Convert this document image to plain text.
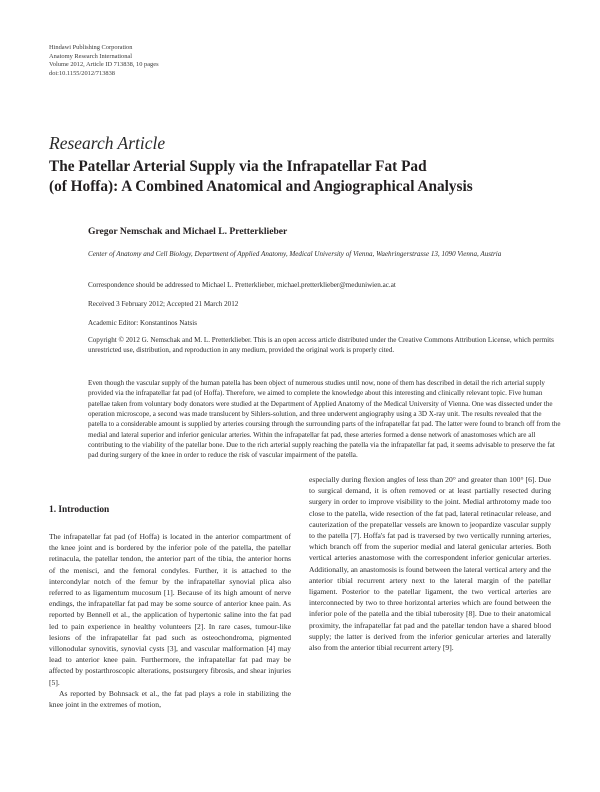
Hindawi Publishing Corporation
Anatomy Research International
Volume 2012, Article ID 713838, 10 pages
doi:10.1155/2012/713838
Research Article
The Patellar Arterial Supply via the Infrapatellar Fat Pad
(of Hoffa): A Combined Anatomical and Angiographical Analysis
Gregor Nemschak and Michael L. Pretterklieber
Center of Anatomy and Cell Biology, Department of Applied Anatomy, Medical University of Vienna, Waehringerstrasse 13, 1090 Vienna, Austria
Correspondence should be addressed to Michael L. Pretterklieber, michael.pretterklieber@meduniwien.ac.at
Received 3 February 2012; Accepted 21 March 2012
Academic Editor: Konstantinos Natsis
Copyright © 2012 G. Nemschak and M. L. Pretterklieber. This is an open access article distributed under the Creative Commons Attribution License, which permits unrestricted use, distribution, and reproduction in any medium, provided the original work is properly cited.
Even though the vascular supply of the human patella has been object of numerous studies until now, none of them has described in detail the rich arterial supply provided via the infrapatellar fat pad (of Hoffa). Therefore, we aimed to complete the knowledge about this interesting and clinically relevant topic. Five human patellae taken from voluntary body donators were studied at the Department of Applied Anatomy of the Medical University of Vienna. One was dissected under the operation microscope, a second was made translucent by Sihlers-solution, and three underwent angiography using a 3D X-ray unit. The results revealed that the patella to a considerable amount is supplied by arteries coursing through the surrounding parts of the infrapatellar fat pad. The latter were found to branch off from the medial and lateral superior and inferior genicular arteries. Within the infrapatellar fat pad, these arteries formed a dense network of anastomoses which are all contributing to the viability of the patellar bone. Due to the rich arterial supply reaching the patella via the infrapatellar fat pad, it seems advisable to preserve the fat pad during surgery of the knee in order to reduce the risk of vascular impairment of the patella.
1. Introduction

The infrapatellar fat pad (of Hoffa) is located in the anterior compartment of the knee joint and is bordered by the inferior pole of the patella, the patellar retinacula, the patellar tendon, the anterior part of the tibia, the anterior horns of the menisci, and the femoral condyles. Further, it is attached to the intercondylar notch of the femur by the infrapatellar synovial plica also referred to as ligamentum mucosum [1]. Because of its high amount of nerve endings, the infrapatellar fat pad may be some source of anterior knee pain. As reported by Bennell et al., the application of hypertonic saline into the fat pad led to pain experience in healthy volunteers [2]. In rare cases, tumour-like lesions of the infrapatellar fat pad such as osteochondroma, pigmented villonodular synovitis, synovial cysts [3], and vascular malformation [4] may lead to anterior knee pain. Furthermore, the infrapatellar fat pad may be affected by postarthroscopic alterations, postsurgery fibrosis, and shear injuries [5].

As reported by Bohnsack et al., the fat pad plays a role in stabilizing the knee joint in the extremes of motion,

especially during flexion angles of less than 20° and greater than 100° [6]. Due to surgical demand, it is often removed or at least partially resected during surgery in order to improve visibility to the joint. Medial arthrotomy made too close to the patella, wide resection of the fat pad, lateral retinacular release, and cauterization of the prepatellar vessels are known to jeopardize vascular supply to the patella [7]. Hoffa's fat pad is traversed by two vertically running arteries, which branch off from the superior medial and lateral genicular arteries. Both vertical arteries anastomose with the correspondent inferior genicular arteries. Additionally, an anastomosis is found between the lateral vertical artery and the anterior tibial recurrent artery next to the lateral margin of the patellar ligament. Posterior to the patellar ligament, the two vertical arteries are interconnected by two to three horizontal arteries which are found between the inferior pole of the patella and the tibial tuberosity [8]. Due to their anatomical proximity, the infrapatellar fat pad and the patellar tendon have a shared blood supply; the latter is derived from the inferior genicular arteries and laterally also from the anterior tibial recurrent artery [9].
